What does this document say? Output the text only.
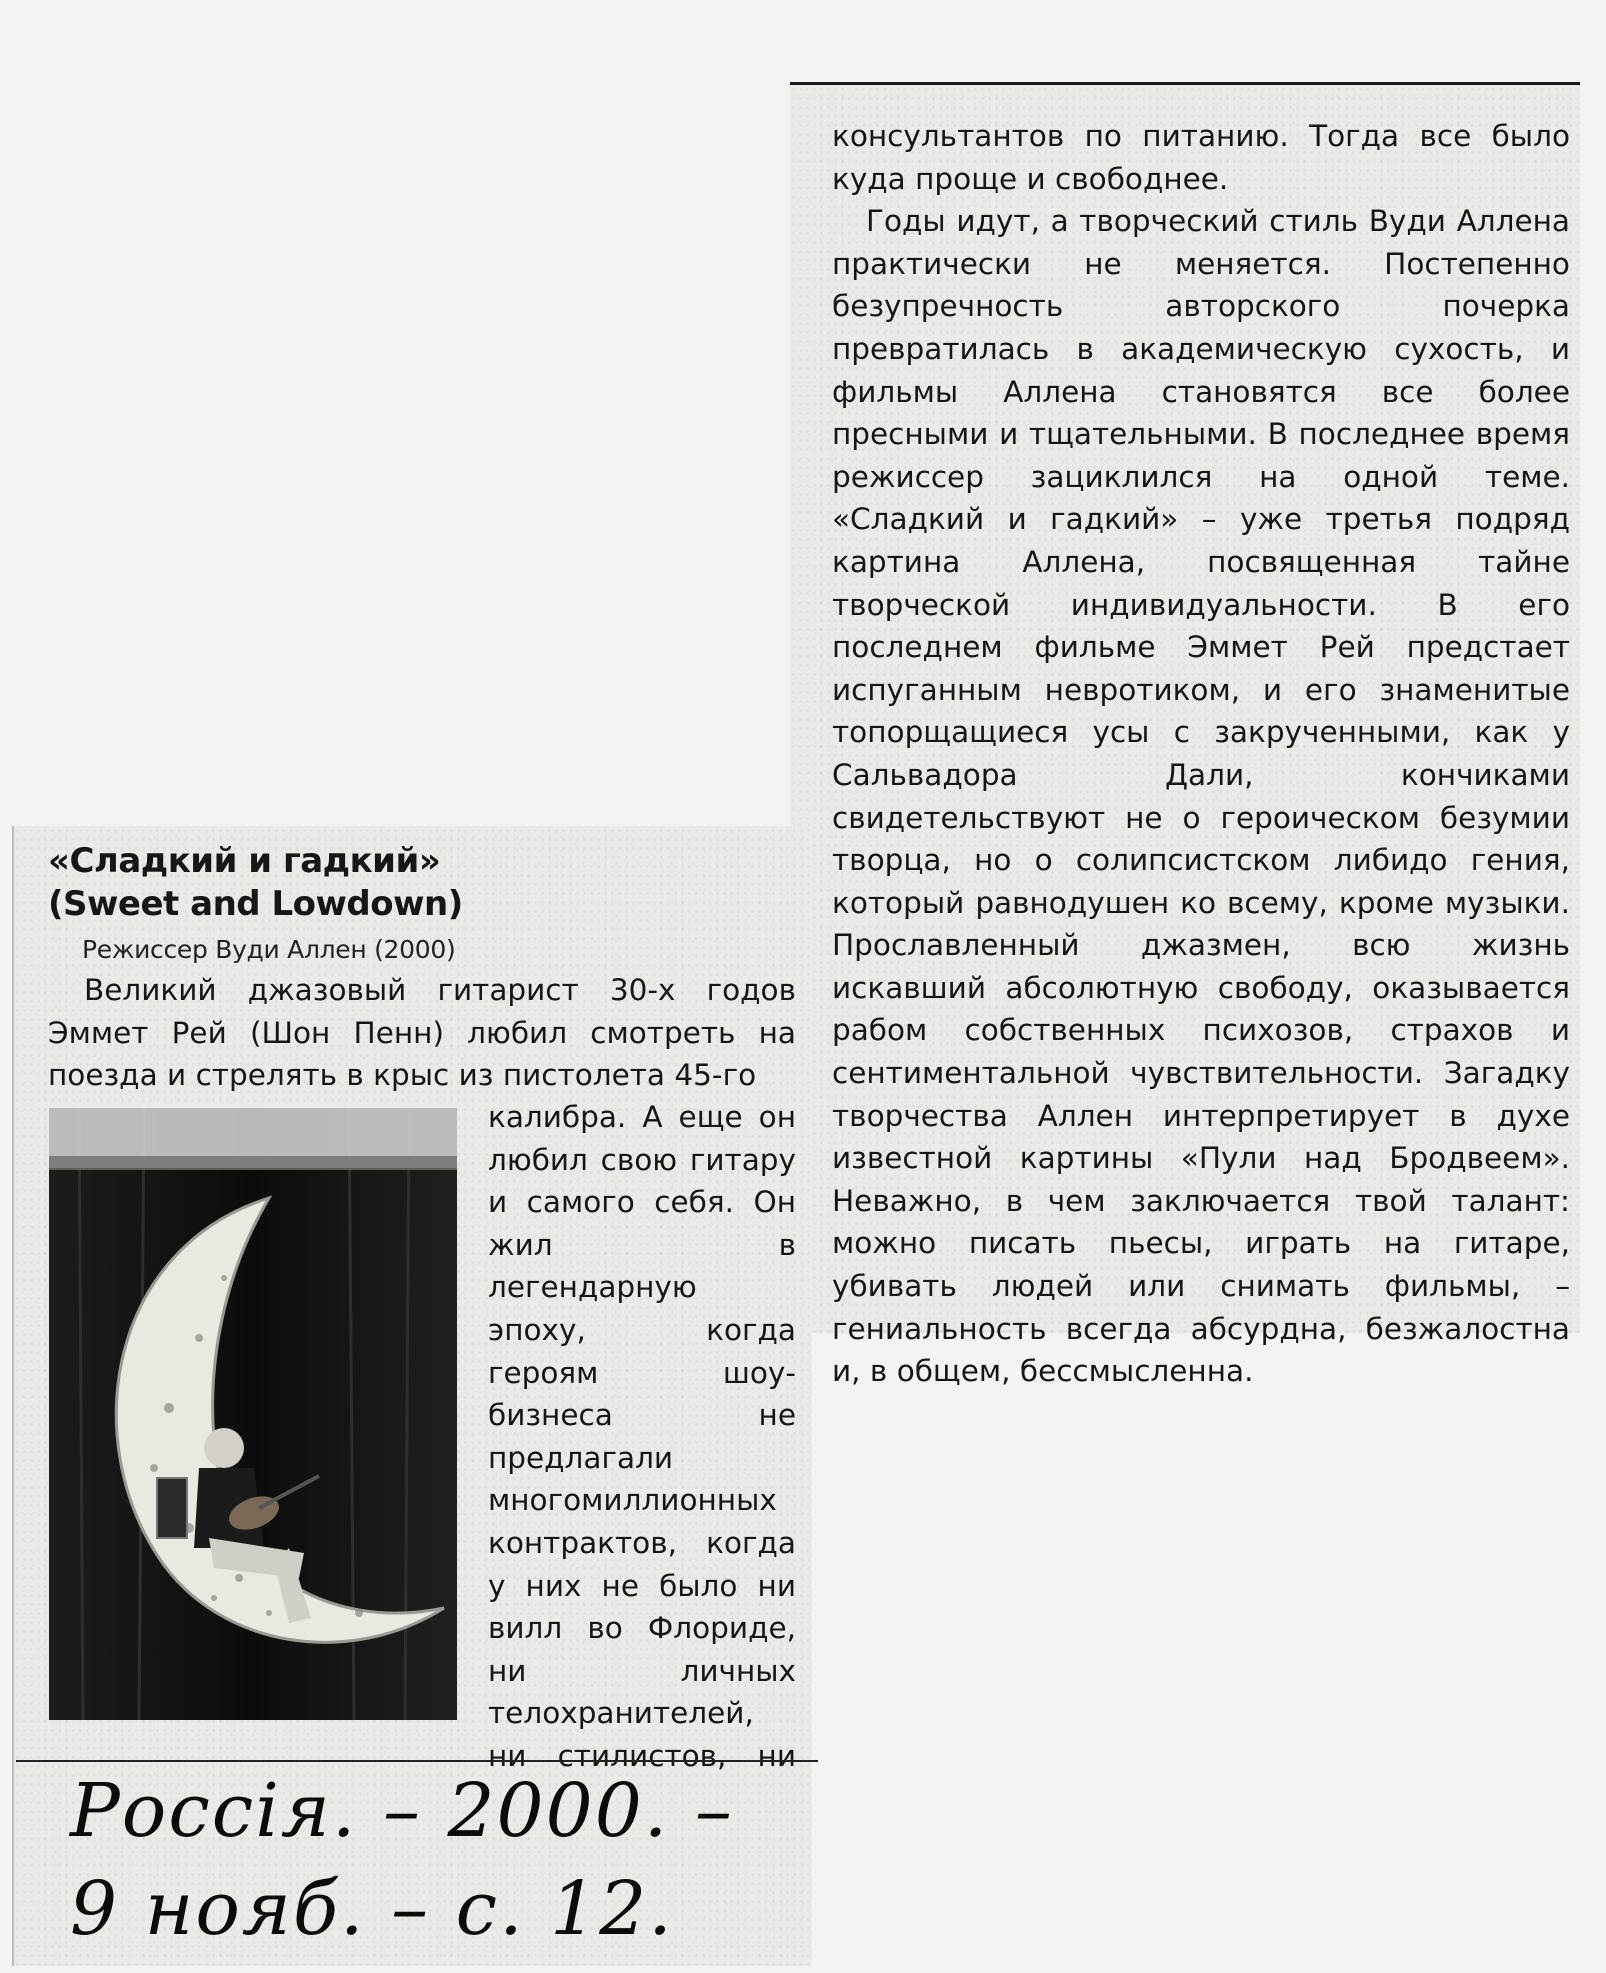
консультантов по питанию. Тогда все было куда проще и свободнее.

Годы идут, а творческий стиль Вуди Аллена практически не меняется. Постепенно безупречность авторского почерка превратилась в академическую сухость, и фильмы Аллена становятся все более пресными и тщательными. В последнее время режиссер зациклился на одной теме. «Сладкий и гадкий» – уже третья подряд картина Аллена, посвященная тайне творческой индивидуальности. В его последнем фильме Эммет Рей предстает испуганным невротиком, и его знаменитые топорщащиеся усы с закрученными, как у Сальвадора Дали, кончиками свидетельствуют не о героическом безумии творца, но о солипсистском либидо гения, который равнодушен ко всему, кроме музыки. Прославленный джазмен, всю жизнь искавший абсолютную свободу, оказывается рабом собственных психозов, страхов и сентиментальной чувствительности. Загадку творчества Аллен интерпретирует в духе известной картины «Пули над Бродвеем». Неважно, в чем заключается твой талант: можно писать пьесы, играть на гитаре, убивать людей или снимать фильмы, – гениальность всегда абсурдна, безжалостна и, в общем, бессмысленна.

«Сладкий и гадкий»
(Sweet and Lowdown)
Режиссер Вуди Аллен (2000)

Великий джазовый гитарист 30-х годов Эммет Рей (Шон Пенн) любил смотреть на поезда и стрелять в крыс из пистолета 45-го

калибра. А еще он любил свою гитару и самого себя. Он жил в легендарную эпоху, когда героям шоу-бизнеса не предлагали многомиллионных контрактов, когда у них не было ни вилл во Флориде, ни личных телохранителей, ни стилистов, ни

Россія. – 2000. –
9 нояб. – с. 12.
